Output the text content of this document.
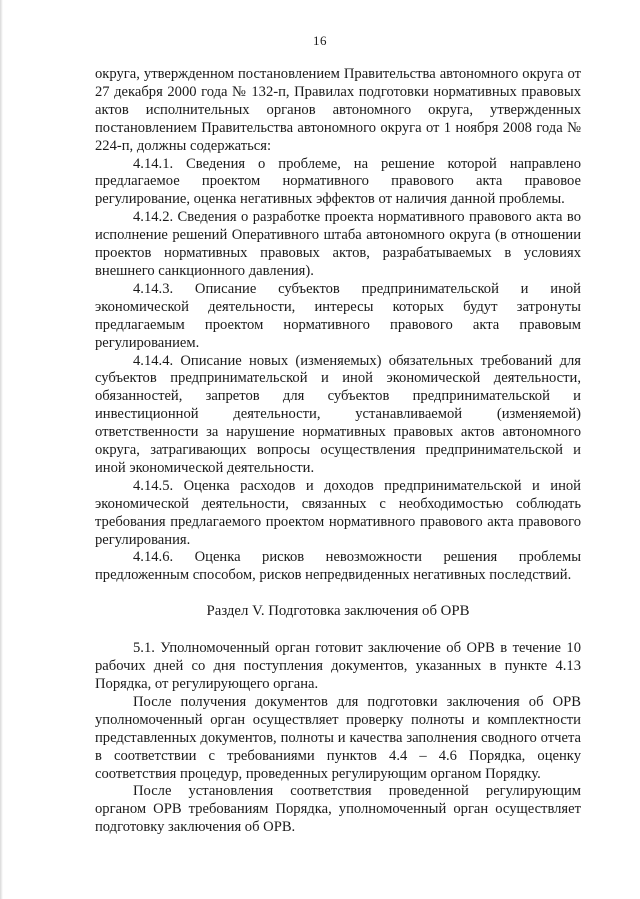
16

округа, утвержденном постановлением Правительства автономного округа от 27 декабря 2000 года № 132-п, Правилах подготовки нормативных правовых актов исполнительных органов автономного округа, утвержденных постановлением Правительства автономного округа от 1 ноября 2008 года № 224-п, должны содержаться:

4.14.1. Сведения о проблеме, на решение которой направлено предлагаемое проектом нормативного правового акта правовое регулирование, оценка негативных эффектов от наличия данной проблемы.

4.14.2. Сведения о разработке проекта нормативного правового акта во исполнение решений Оперативного штаба автономного округа (в отношении проектов нормативных правовых актов, разрабатываемых в условиях внешнего санкционного давления).

4.14.3. Описание субъектов предпринимательской и иной экономической деятельности, интересы которых будут затронуты предлагаемым проектом нормативного правового акта правовым регулированием.

4.14.4. Описание новых (изменяемых) обязательных требований для субъектов предпринимательской и иной экономической деятельности, обязанностей, запретов для субъектов предпринимательской и инвестиционной деятельности, устанавливаемой (изменяемой) ответственности за нарушение нормативных правовых актов автономного округа, затрагивающих вопросы осуществления предпринимательской и иной экономической деятельности.

4.14.5. Оценка расходов и доходов предпринимательской и иной экономической деятельности, связанных с необходимостью соблюдать требования предлагаемого проектом нормативного правового акта правового регулирования.

4.14.6. Оценка рисков невозможности решения проблемы предложенным способом, рисков непредвиденных негативных последствий.

Раздел V. Подготовка заключения об ОРВ

5.1. Уполномоченный орган готовит заключение об ОРВ в течение 10 рабочих дней со дня поступления документов, указанных в пункте 4.13 Порядка, от регулирующего органа.

После получения документов для подготовки заключения об ОРВ уполномоченный орган осуществляет проверку полноты и комплектности представленных документов, полноты и качества заполнения сводного отчета в соответствии с требованиями пунктов 4.4 – 4.6 Порядка, оценку соответствия процедур, проведенных регулирующим органом Порядку.

После установления соответствия проведенной регулирующим органом ОРВ требованиям Порядка, уполномоченный орган осуществляет подготовку заключения об ОРВ.
